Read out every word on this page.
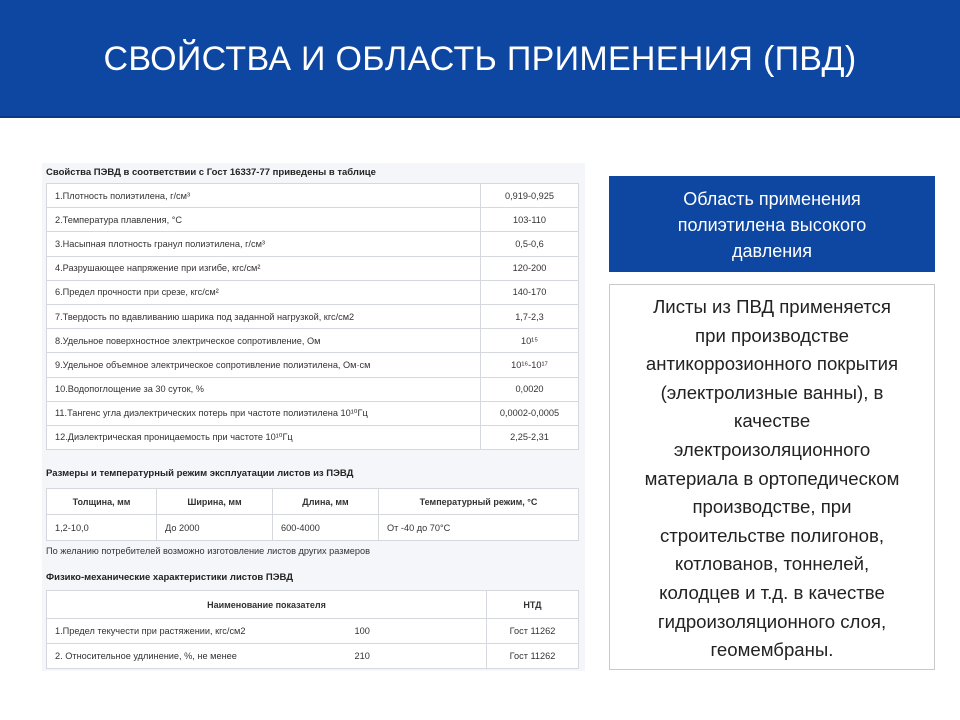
СВОЙСТВА И ОБЛАСТЬ ПРИМЕНЕНИЯ (ПВД)
Свойства ПЭВД в соответствии с Гост 16337-77 приведены в таблице
1.Плотность полиэтилена, г/см³	0,919-0,925
2.Температура плавления, °C	103-110
3.Насыпная плотность гранул полиэтилена, г/см³	0,5-0,6
4.Разрушающее напряжение при изгибе, кгс/см²	120-200
6.Предел прочности при срезе, кгс/см²	140-170
7.Твердость по вдавливанию шарика под заданной нагрузкой, кгс/см2	1,7-2,3
8.Удельное поверхностное электрическое сопротивление, Ом	10¹⁵
9.Удельное объемное электрическое сопротивление полиэтилена, Ом·см	10¹⁶-10¹⁷
10.Водопоглощение за 30 суток, %	0,0020
11.Тангенс угла диэлектрических потерь при частоте полиэтилена 10¹⁰Гц	0,0002-0,0005
12.Диэлектрическая проницаемость при частоте 10¹⁰Гц	2,25-2,31
Размеры и температурный режим эксплуатации листов из ПЭВД
Толщина, мм	Ширина, мм	Длина, мм	Температурный режим, °C
1,2-10,0	До 2000	600-4000	От -40 до 70°C
По желанию потребителей возможно изготовление листов других размеров
Физико-механические характеристики листов ПЭВД
Наименование показателя		НТД
1.Предел текучести при растяжении, кгс/см2	100	Гост 11262
2. Относительное удлинение, %, не менее	210	Гост 11262
Область применения
полиэтилена высокого
давления
Листы из ПВД применяется
при производстве
антикоррозионного покрытия
(электролизные ванны), в
качестве
электроизоляционного
материала в ортопедическом
производстве, при
строительстве полигонов,
котлованов, тоннелей,
колодцев и т.д. в качестве
гидроизоляционного слоя,
геомембраны.
